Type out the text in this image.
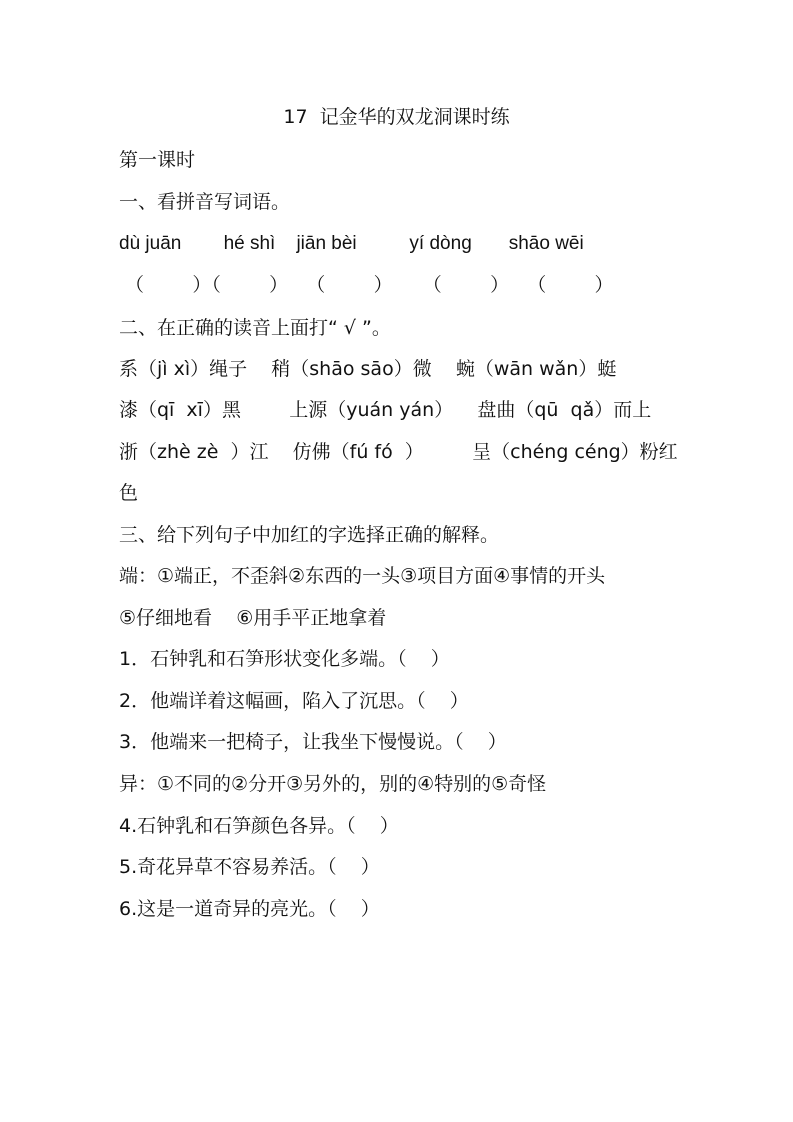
17  记金华的双龙洞课时练
第一课时
一、看拼音写词语。
dù juān        hé shì    jiān bèi          yí dòng       shāo wēi
（        ）（        ）   （        ）     （        ）   （        ）
二、在正确的读音上面打“ √ ”。
系（jì xì）绳子    稍（shāo sāo）微    蜿（wān wǎn）蜓
漆（qī  xī）黑        上源（yuán yán）    盘曲（qū  qǎ）而上
浙（zhè zè  ）江    仿佛（fú fó  ）        呈（chéng céng）粉红
色
三、给下列句子中加红的字选择正确的解释。
端：①端正，不歪斜②东西的一头③项目方面④事情的开头
⑤仔细地看    ⑥用手平正地拿着
1．石钟乳和石笋形状变化多端。（    ）
2．他端详着这幅画，陷入了沉思。（    ）
3．他端来一把椅子，让我坐下慢慢说。（    ）
异：①不同的②分开③另外的，别的④特别的⑤奇怪
4.石钟乳和石笋颜色各异。（    ）
5.奇花异草不容易养活。（    ）
6.这是一道奇异的亮光。（    ）
